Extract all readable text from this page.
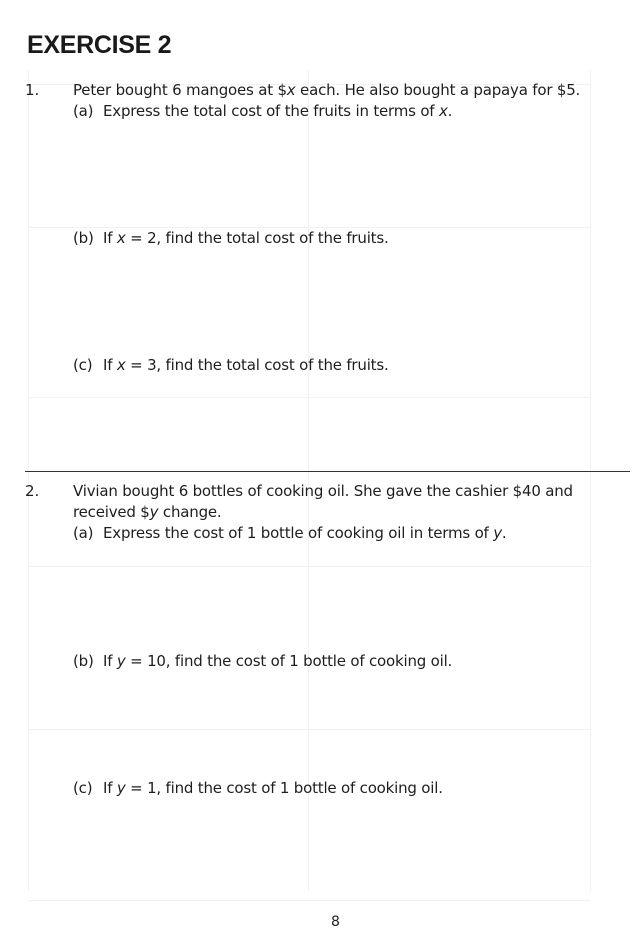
EXERCISE 2
1. Peter bought 6 mangoes at $x each. He also bought a papaya for $5.
(a) Express the total cost of the fruits in terms of x.
(b) If x = 2, find the total cost of the fruits.
(c) If x = 3, find the total cost of the fruits.
2. Vivian bought 6 bottles of cooking oil. She gave the cashier $40 and
received $y change.
(a) Express the cost of 1 bottle of cooking oil in terms of y.
(b) If y = 10, find the cost of 1 bottle of cooking oil.
(c) If y = 1, find the cost of 1 bottle of cooking oil.
8
